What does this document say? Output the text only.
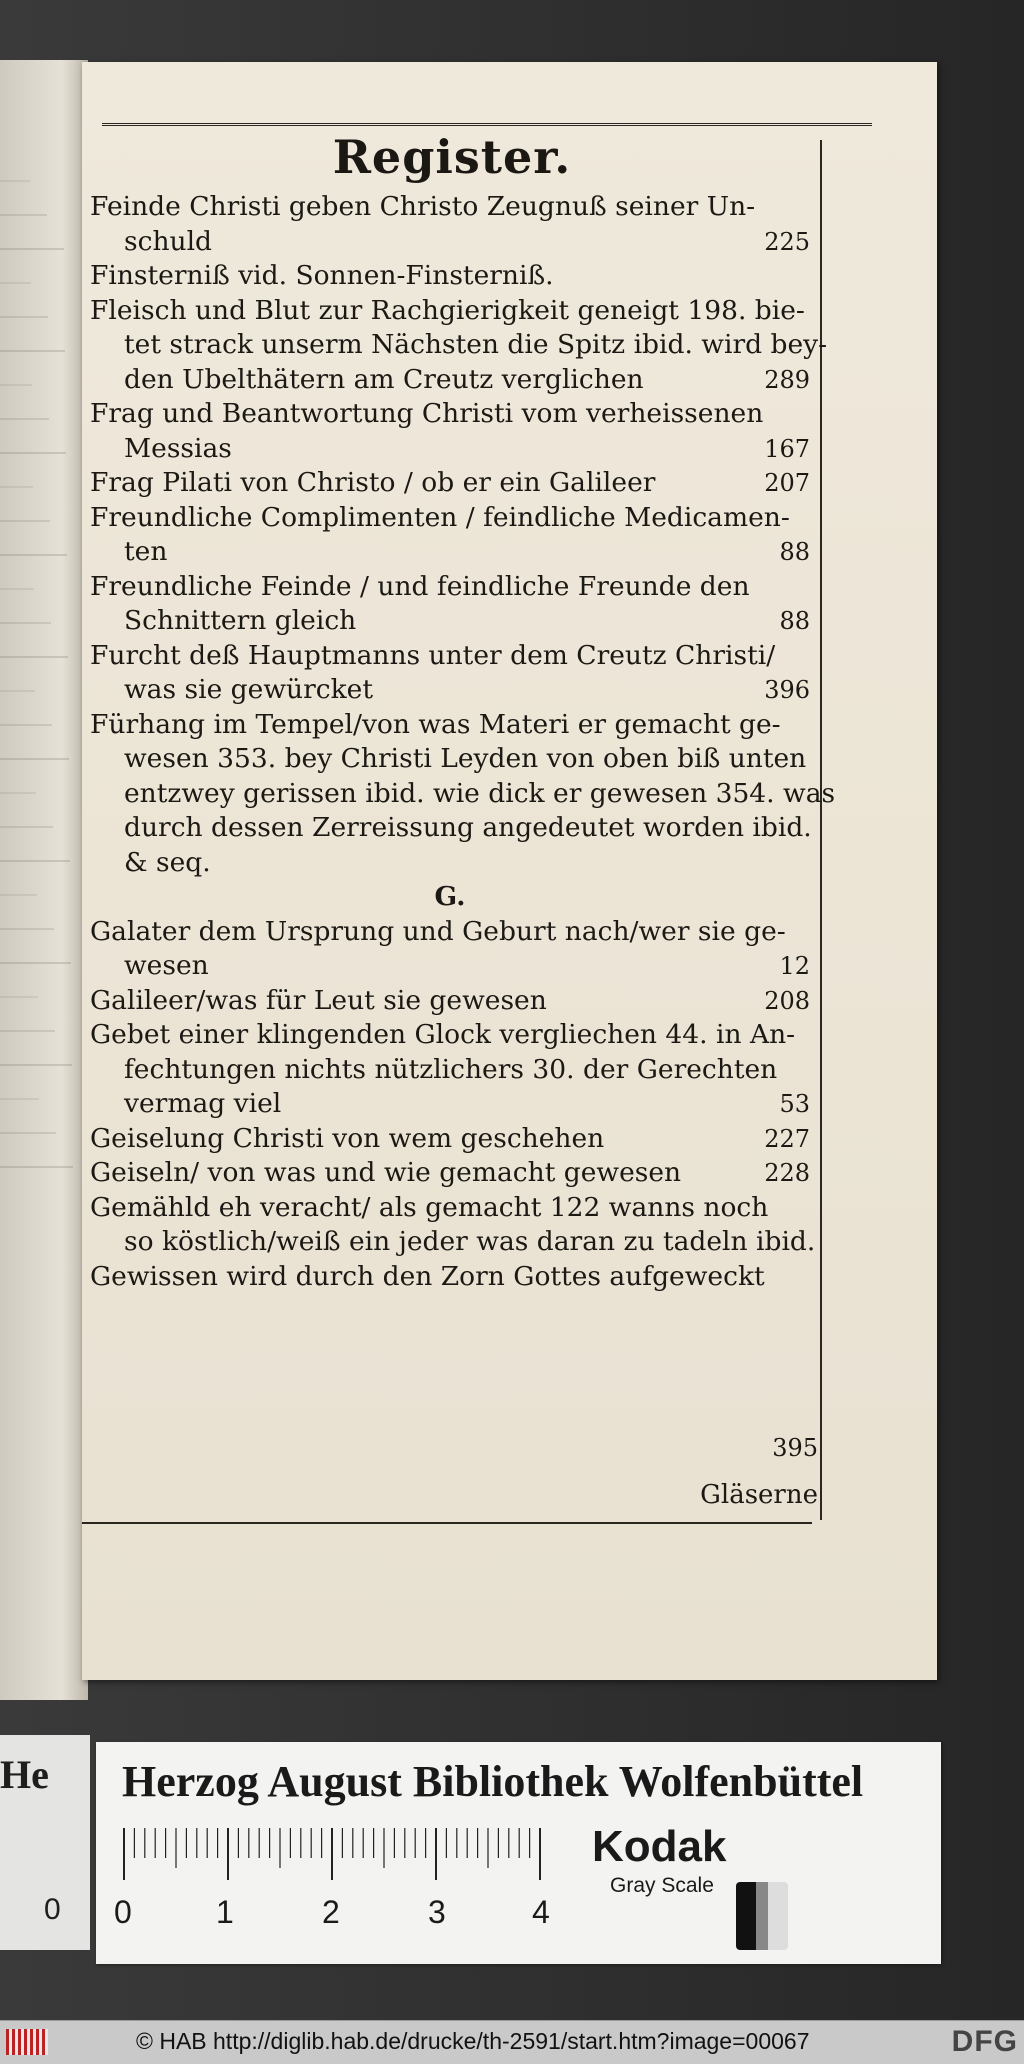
Register.
Feinde Christi geben Christo Zeugnuß seiner Un-
schuld	225
Finsterniß vid. Sonnen-Finsterniß.
Fleisch und Blut zur Rachgierigkeit geneigt 198. bie-
tet strack unserm Nächsten die Spitz ibid. wird bey-
den Ubelthätern am Creutz verglichen	289
Frag und Beantwortung Christi vom verheissenen
Messias	167
Frag Pilati von Christo / ob er ein Galileer	207
Freundliche Complimenten / feindliche Medicamen-
ten	88
Freundliche Feinde / und feindliche Freunde den
Schnittern gleich	88
Furcht deß Hauptmanns unter dem Creutz Christi/
was sie gewürcket	396
Fürhang im Tempel/von was Materi er gemacht ge-
wesen 353. bey Christi Leyden von oben biß unten
entzwey gerissen ibid. wie dick er gewesen 354. was
durch dessen Zerreissung angedeutet worden ibid.
& seq.
G.
Galater dem Ursprung und Geburt nach/wer sie ge-
wesen	12
Galileer/was für Leut sie gewesen	208
Gebet einer klingenden Glock vergliechen 44. in An-
fechtungen nichts nützlichers 30. der Gerechten
vermag viel	53
Geiselung Christi von wem geschehen	227
Geiseln/ von was und wie gemacht gewesen	228
Gemähld eh veracht/ als gemacht 122 wanns noch
so köstlich/weiß ein jeder was daran zu tadeln ibid.
Gewissen wird durch den Zorn Gottes aufgeweckt
395
Gläserne
He
0
Herzog August Bibliothek Wolfenbüttel
0	1	2	3	4
Kodak
Gray Scale
© HAB http://diglib.hab.de/drucke/th-2591/start.htm?image=00067	DFG
